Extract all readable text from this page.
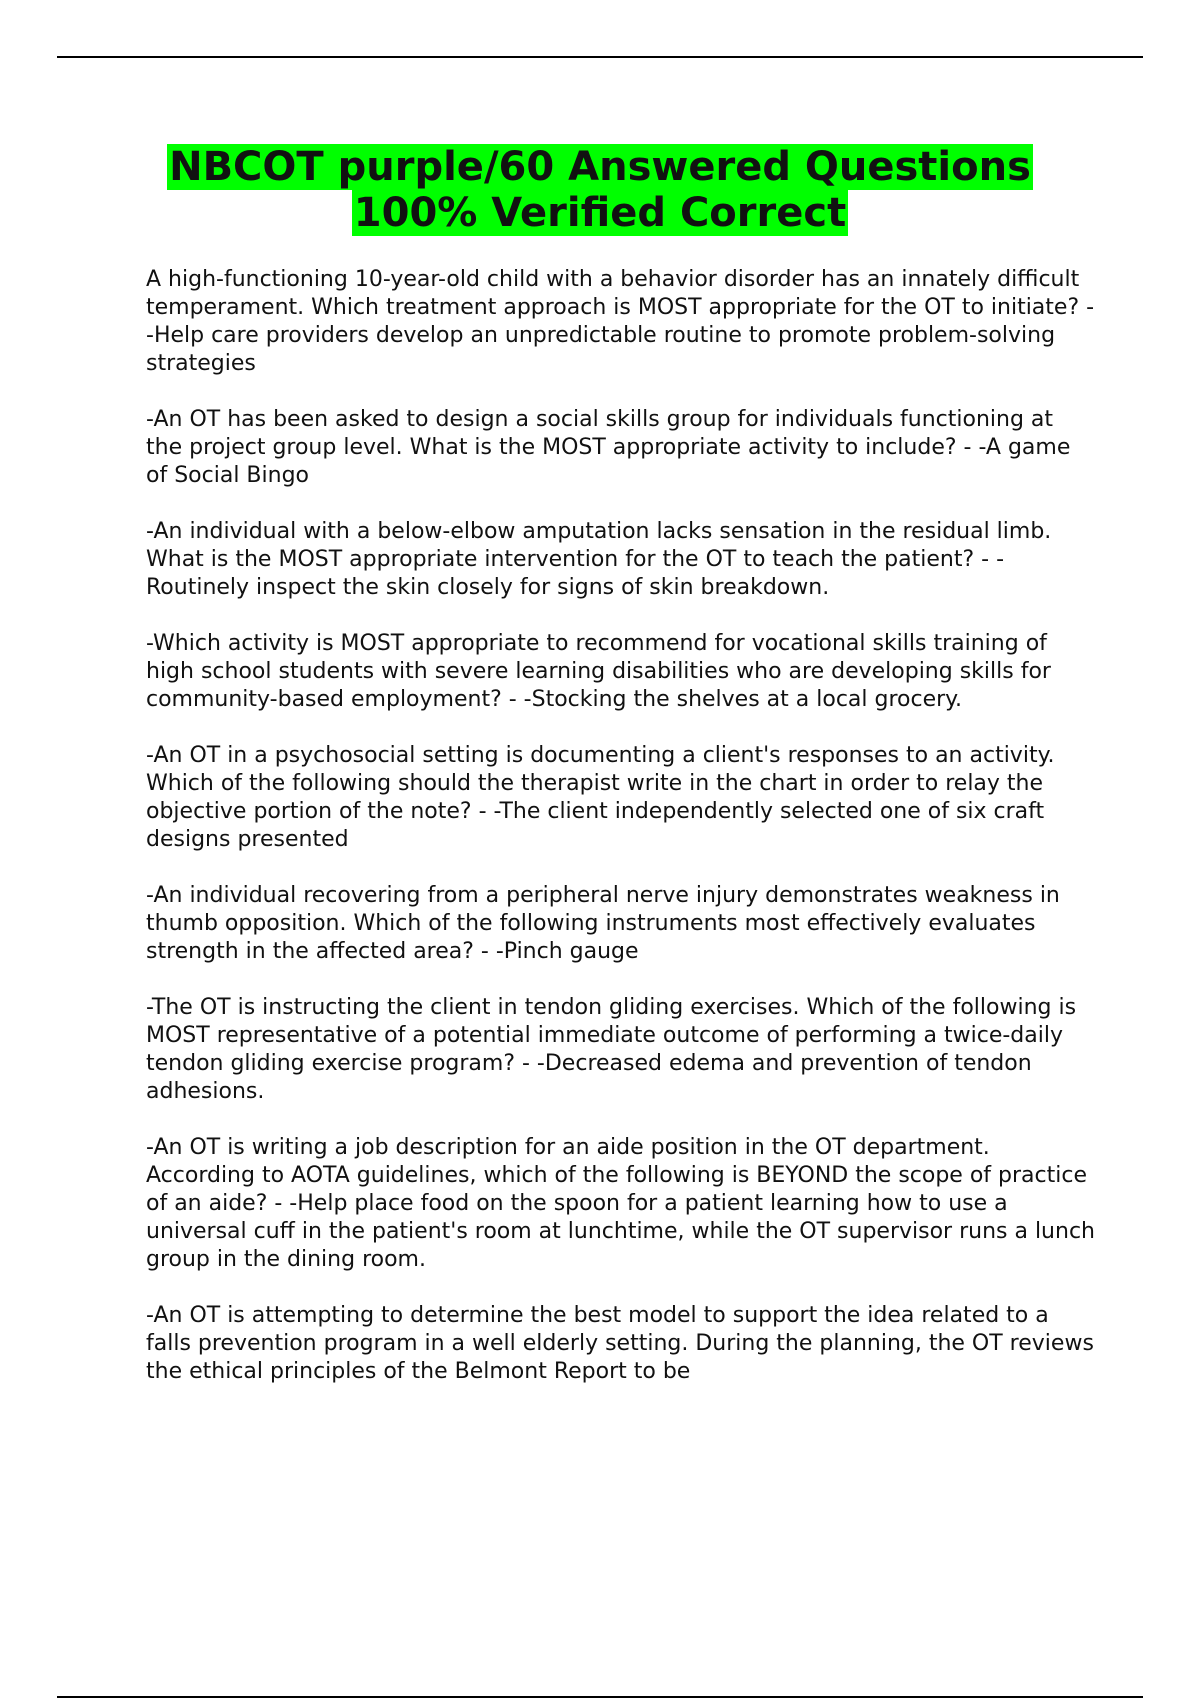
NBCOT purple/60 Answered Questions
100% Verified Correct

A high-functioning 10-year-old child with a behavior disorder has an innately difficult temperament. Which treatment approach is MOST appropriate for the OT to initiate? - -Help care providers develop an unpredictable routine to promote problem-solving strategies

-An OT has been asked to design a social skills group for individuals functioning at the project group level. What is the MOST appropriate activity to include? - -A game of Social Bingo

-An individual with a below-elbow amputation lacks sensation in the residual limb. What is the MOST appropriate intervention for the OT to teach the patient? - -Routinely inspect the skin closely for signs of skin breakdown.

-Which activity is MOST appropriate to recommend for vocational skills training of high school students with severe learning disabilities who are developing skills for community-based employment? - -Stocking the shelves at a local grocery.

-An OT in a psychosocial setting is documenting a client's responses to an activity. Which of the following should the therapist write in the chart in order to relay the objective portion of the note? - -The client independently selected one of six craft designs presented

-An individual recovering from a peripheral nerve injury demonstrates weakness in thumb opposition. Which of the following instruments most effectively evaluates strength in the affected area? - -Pinch gauge

-The OT is instructing the client in tendon gliding exercises. Which of the following is MOST representative of a potential immediate outcome of performing a twice-daily tendon gliding exercise program? - -Decreased edema and prevention of tendon adhesions.

-An OT is writing a job description for an aide position in the OT department. According to AOTA guidelines, which of the following is BEYOND the scope of practice of an aide? - -Help place food on the spoon for a patient learning how to use a universal cuff in the patient's room at lunchtime, while the OT supervisor runs a lunch group in the dining room.

-An OT is attempting to determine the best model to support the idea related to a falls prevention program in a well elderly setting. During the planning, the OT reviews the ethical principles of the Belmont Report to be
